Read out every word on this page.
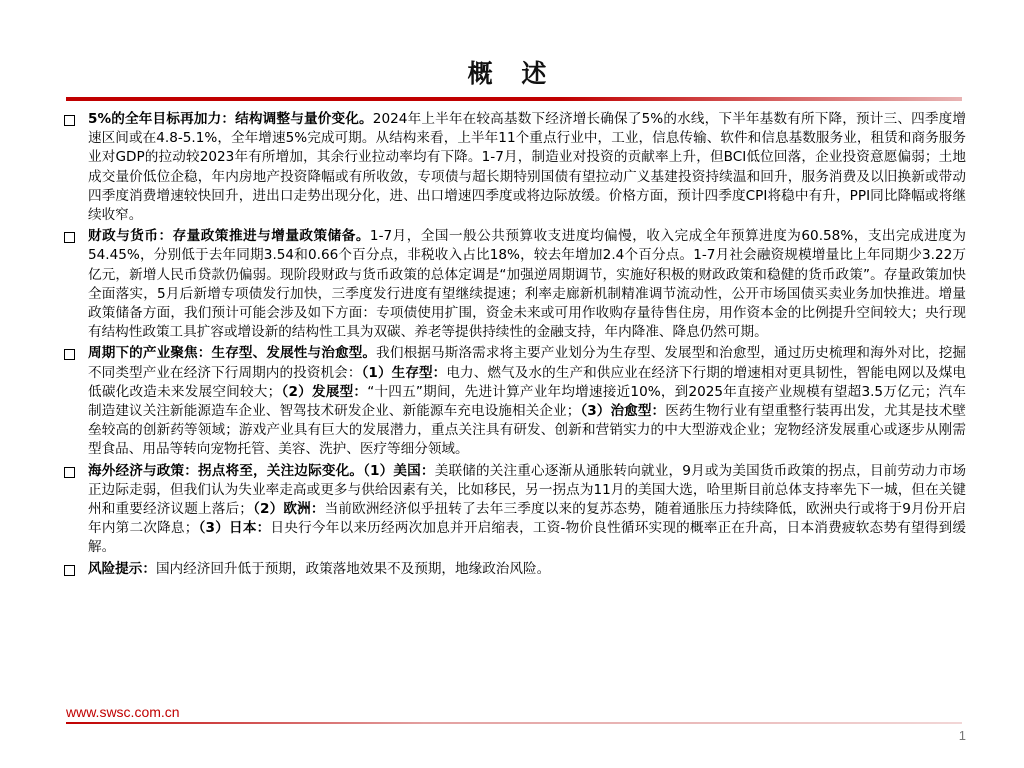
概 述
5%的全年目标再加力：结构调整与量价变化。2024年上半年在较高基数下经济增长确保了5%的水线，下半年基数有所下降，预计三、四季度增速区间或在4.8-5.1%，全年增速5%完成可期。从结构来看，上半年11个重点行业中，工业，信息传输、软件和信息基数服务业，租赁和商务服务业对GDP的拉动较2023年有所增加，其余行业拉动率均有下降。1-7月，制造业对投资的贡献率上升，但BCI低位回落，企业投资意愿偏弱；土地成交量价低位企稳，年内房地产投资降幅或有所收敛，专项债与超长期特别国债有望拉动广义基建投资持续温和回升，服务消费及以旧换新或带动四季度消费增速较快回升，进出口走势出现分化，进、出口增速四季度或将边际放缓。价格方面，预计四季度CPI将稳中有升，PPI同比降幅或将继续收窄。
财政与货币：存量政策推进与增量政策储备。1-7月，全国一般公共预算收支进度均偏慢，收入完成全年预算进度为60.58%，支出完成进度为54.45%，分别低于去年同期3.54和0.66个百分点，非税收入占比18%，较去年增加2.4个百分点。1-7月社会融资规模增量比上年同期少3.22万亿元，新增人民币贷款仍偏弱。现阶段财政与货币政策的总体定调是“加强逆周期调节，实施好积极的财政政策和稳健的货币政策”。存量政策加快全面落实，5月后新增专项债发行加快，三季度发行进度有望继续提速；利率走廊新机制精准调节流动性，公开市场国债买卖业务加快推进。增量政策储备方面，我们预计可能会涉及如下方面：专项债使用扩围，资金未来或可用作收购存量待售住房，用作资本金的比例提升空间较大；央行现有结构性政策工具扩容或增设新的结构性工具为双碳、养老等提供持续性的金融支持，年内降准、降息仍然可期。
周期下的产业聚焦：生存型、发展性与治愈型。我们根据马斯洛需求将主要产业划分为生存型、发展型和治愈型，通过历史梳理和海外对比，挖掘不同类型产业在经济下行周期内的投资机会：（1）生存型：电力、燃气及水的生产和供应业在经济下行期的增速相对更具韧性，智能电网以及煤电低碳化改造未来发展空间较大；（2）发展型：“十四五”期间，先进计算产业年均增速接近10%，到2025年直接产业规模有望超3.5万亿元；汽车制造建议关注新能源造车企业、智驾技术研发企业、新能源车充电设施相关企业；（3）治愈型：医药生物行业有望重整行装再出发，尤其是技术壁垒较高的创新药等领域；游戏产业具有巨大的发展潜力，重点关注具有研发、创新和营销实力的中大型游戏企业；宠物经济发展重心或逐步从刚需型食品、用品等转向宠物托管、美容、洗护、医疗等细分领域。
海外经济与政策：拐点将至，关注边际变化。（1）美国：美联储的关注重心逐渐从通胀转向就业，9月或为美国货币政策的拐点，目前劳动力市场正边际走弱，但我们认为失业率走高或更多与供给因素有关，比如移民，另一拐点为11月的美国大选，哈里斯目前总体支持率先下一城，但在关键州和重要经济议题上落后；（2）欧洲：当前欧洲经济似乎扭转了去年三季度以来的复苏态势，随着通胀压力持续降低，欧洲央行或将于9月份开启年内第二次降息；（3）日本：日央行今年以来历经两次加息并开启缩表，工资-物价良性循环实现的概率正在升高，日本消费疲软态势有望得到缓解。
风险提示：国内经济回升低于预期，政策落地效果不及预期，地缘政治风险。
www.swsc.com.cn
1
